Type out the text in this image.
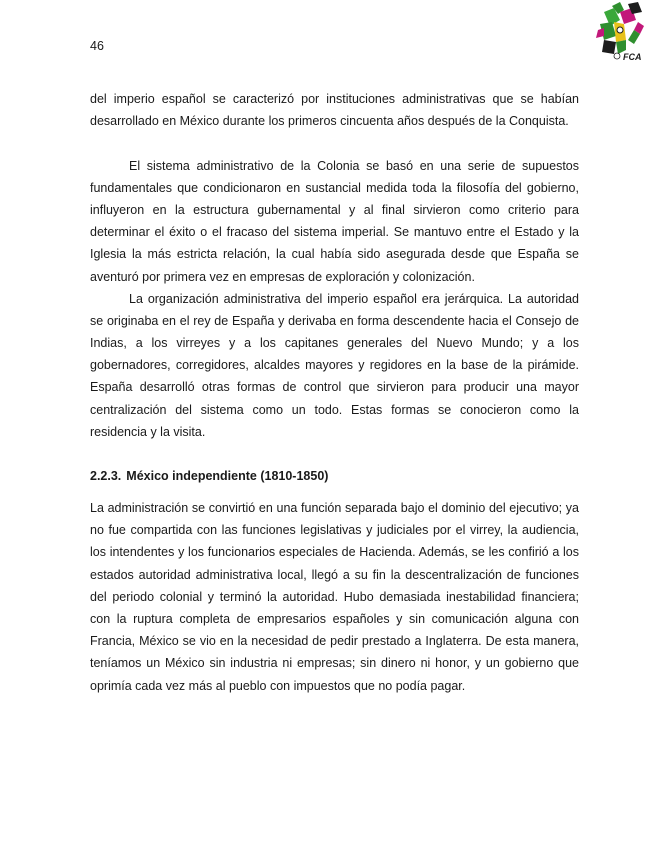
46
FCA

del imperio español se caracterizó por instituciones administrativas que se habían desarrollado en México durante los primeros cincuenta años después de la Conquista.

El sistema administrativo de la Colonia se basó en una serie de supuestos fundamentales que condicionaron en sustancial medida toda la filosofía del gobierno, influyeron en la estructura gubernamental y al final sirvieron como criterio para determinar el éxito o el fracaso del sistema imperial. Se mantuvo entre el Estado y la Iglesia la más estricta relación, la cual había sido asegurada desde que España se aventuró por primera vez en empresas de exploración y colonización.

La organización administrativa del imperio español era jerárquica. La autoridad se originaba en el rey de España y derivaba en forma descendente hacia el Consejo de Indias, a los virreyes y a los capitanes generales del Nuevo Mundo; y a los gobernadores, corregidores, alcaldes mayores y regidores en la base de la pirámide. España desarrolló otras formas de control que sirvieron para producir una mayor centralización del sistema como un todo. Estas formas se conocieron como la residencia y la visita.

2.2.3. México independiente (1810-1850)

La administración se convirtió en una función separada bajo el dominio del ejecutivo; ya no fue compartida con las funciones legislativas y judiciales por el virrey, la audiencia, los intendentes y los funcionarios especiales de Hacienda. Además, se les confirió a los estados autoridad administrativa local, llegó a su fin la descentralización de funciones del periodo colonial y terminó la autoridad. Hubo demasiada inestabilidad financiera; con la ruptura completa de empresarios españoles y sin comunicación alguna con Francia, México se vio en la necesidad de pedir prestado a Inglaterra. De esta manera, teníamos un México sin industria ni empresas; sin dinero ni honor, y un gobierno que oprimía cada vez más al pueblo con impuestos que no podía pagar.
